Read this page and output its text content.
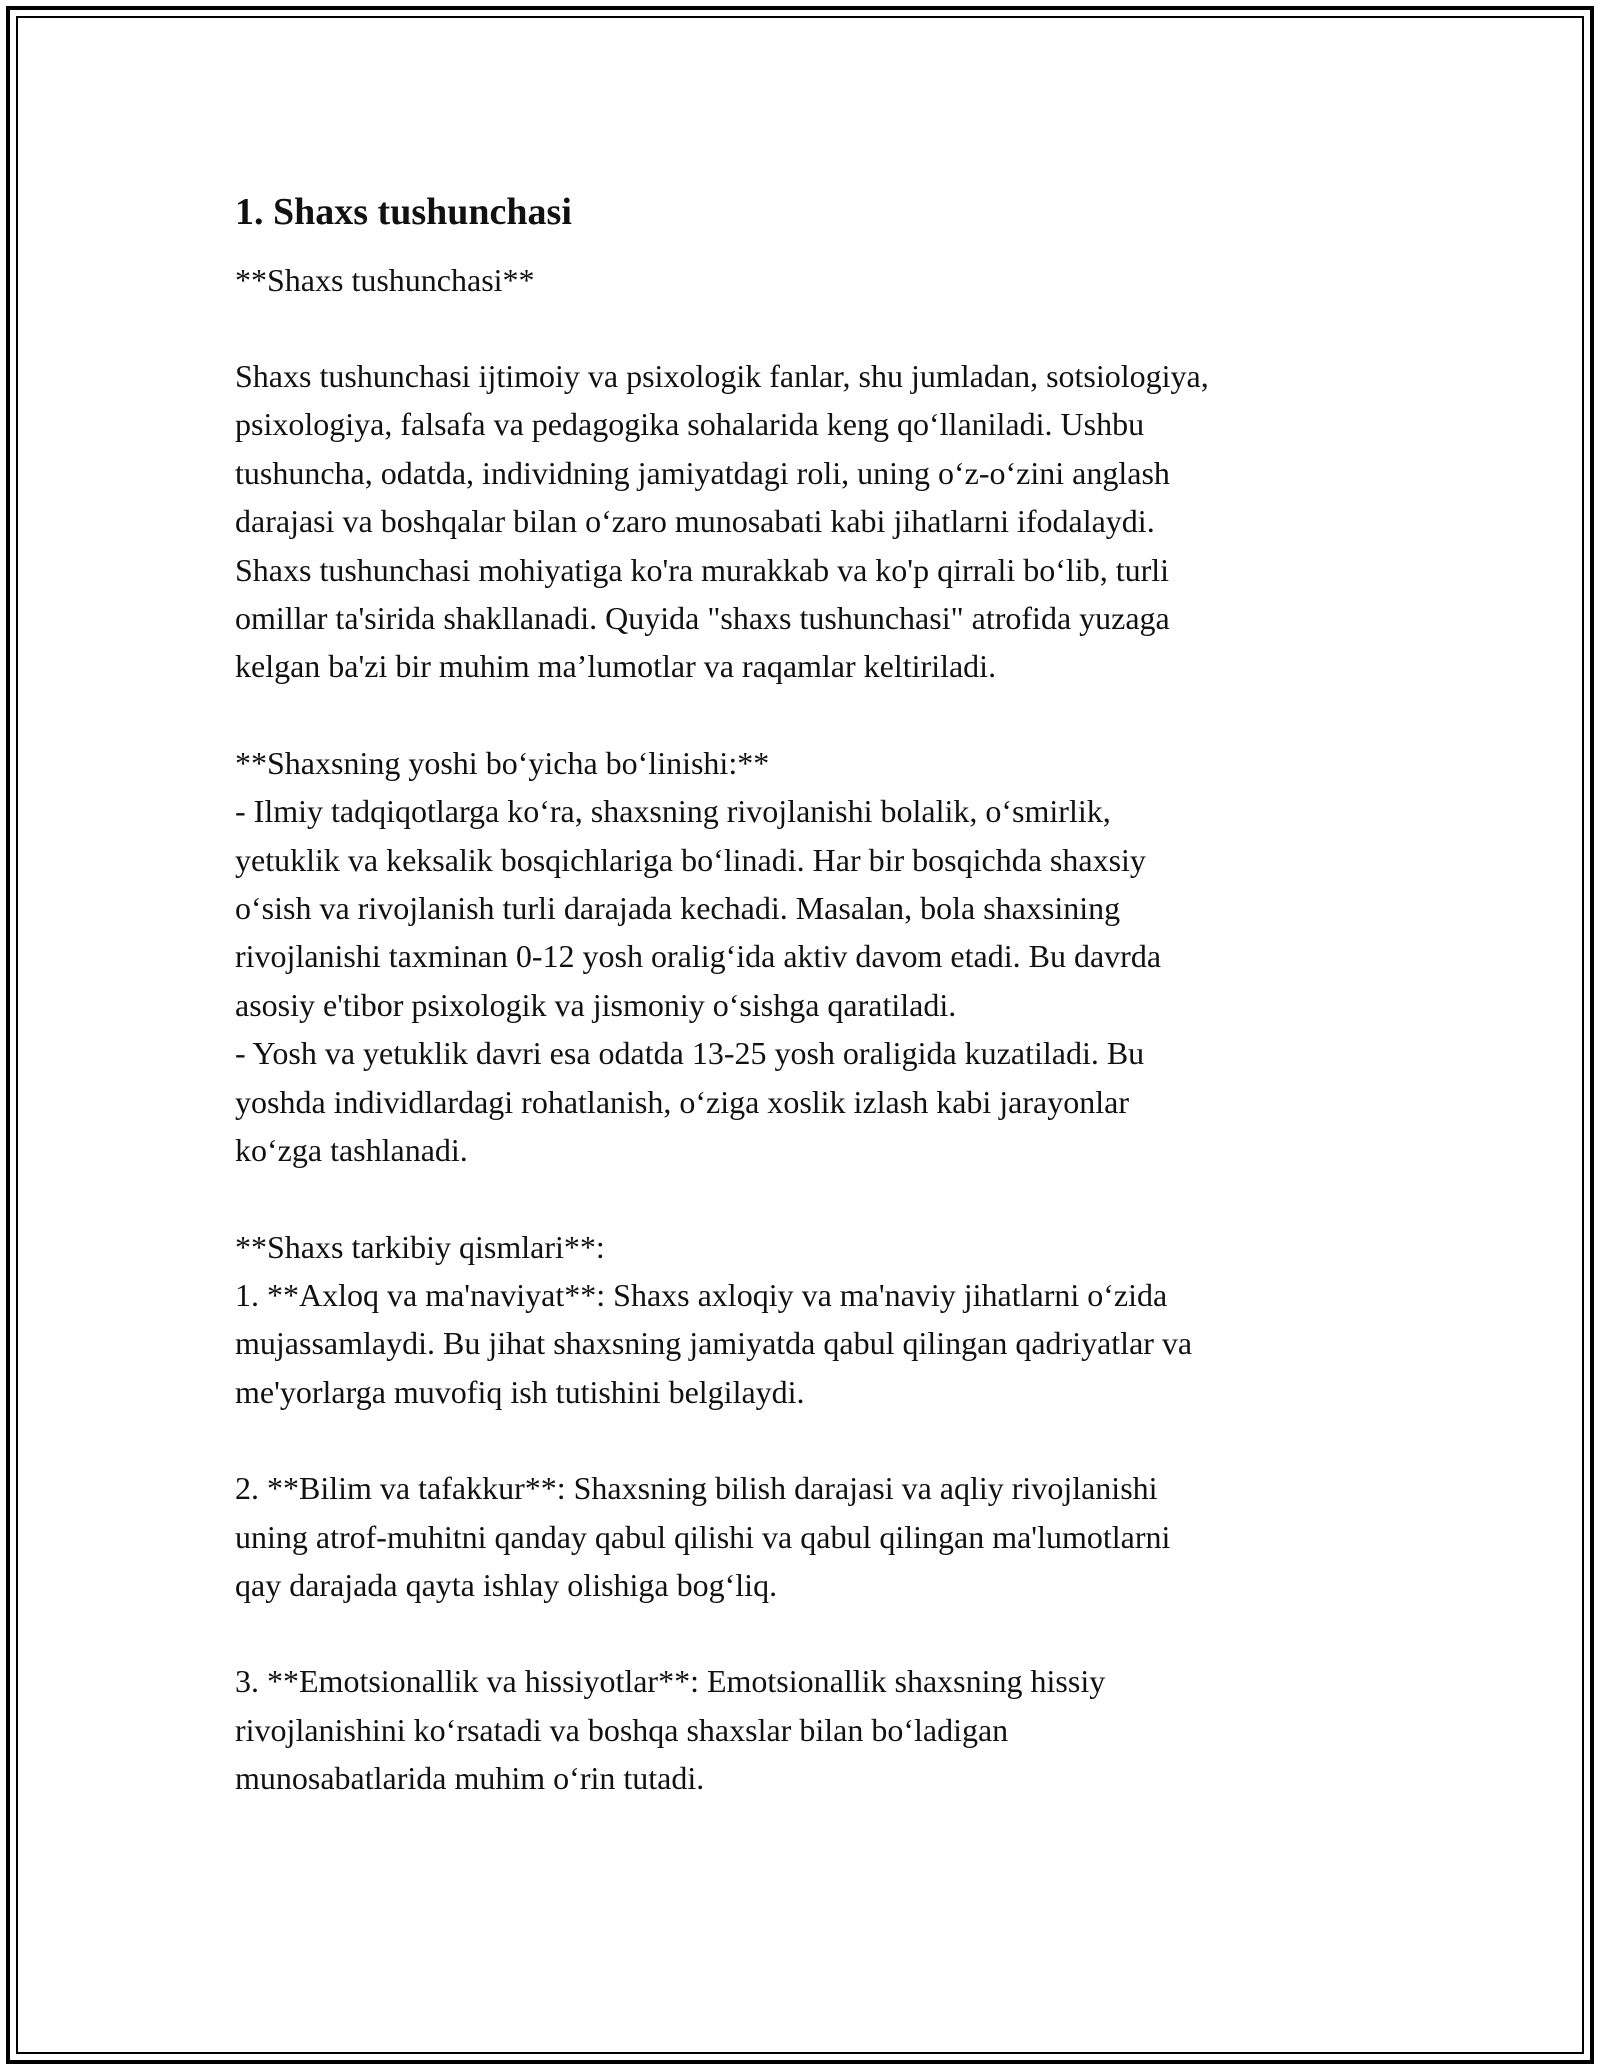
1. Shaxs tushunchasi

**Shaxs tushunchasi**

Shaxs tushunchasi ijtimoiy va psixologik fanlar, shu jumladan, sotsiologiya,
psixologiya, falsafa va pedagogika sohalarida keng qo‘llaniladi. Ushbu
tushuncha, odatda, individning jamiyatdagi roli, uning o‘z-o‘zini anglash
darajasi va boshqalar bilan o‘zaro munosabati kabi jihatlarni ifodalaydi.
Shaxs tushunchasi mohiyatiga ko'ra murakkab va ko'p qirrali bo‘lib, turli
omillar ta'sirida shakllanadi. Quyida "shaxs tushunchasi" atrofida yuzaga
kelgan ba'zi bir muhim ma’lumotlar va raqamlar keltiriladi.

**Shaxsning yoshi bo‘yicha bo‘linishi:**
- Ilmiy tadqiqotlarga ko‘ra, shaxsning rivojlanishi bolalik, o‘smirlik,
yetuklik va keksalik bosqichlariga bo‘linadi. Har bir bosqichda shaxsiy
o‘sish va rivojlanish turli darajada kechadi. Masalan, bola shaxsining
rivojlanishi taxminan 0-12 yosh oralig‘ida aktiv davom etadi. Bu davrda
asosiy e'tibor psixologik va jismoniy o‘sishga qaratiladi.
- Yosh va yetuklik davri esa odatda 13-25 yosh oraligida kuzatiladi. Bu
yoshda individlardagi rohatlanish, o‘ziga xoslik izlash kabi jarayonlar
ko‘zga tashlanadi.

**Shaxs tarkibiy qismlari**:
1. **Axloq va ma'naviyat**: Shaxs axloqiy va ma'naviy jihatlarni o‘zida
mujassamlaydi. Bu jihat shaxsning jamiyatda qabul qilingan qadriyatlar va
me'yorlarga muvofiq ish tutishini belgilaydi.

2. **Bilim va tafakkur**: Shaxsning bilish darajasi va aqliy rivojlanishi
uning atrof-muhitni qanday qabul qilishi va qabul qilingan ma'lumotlarni
qay darajada qayta ishlay olishiga bog‘liq.

3. **Emotsionallik va hissiyotlar**: Emotsionallik shaxsning hissiy
rivojlanishini ko‘rsatadi va boshqa shaxslar bilan bo‘ladigan
munosabatlarida muhim o‘rin tutadi.
